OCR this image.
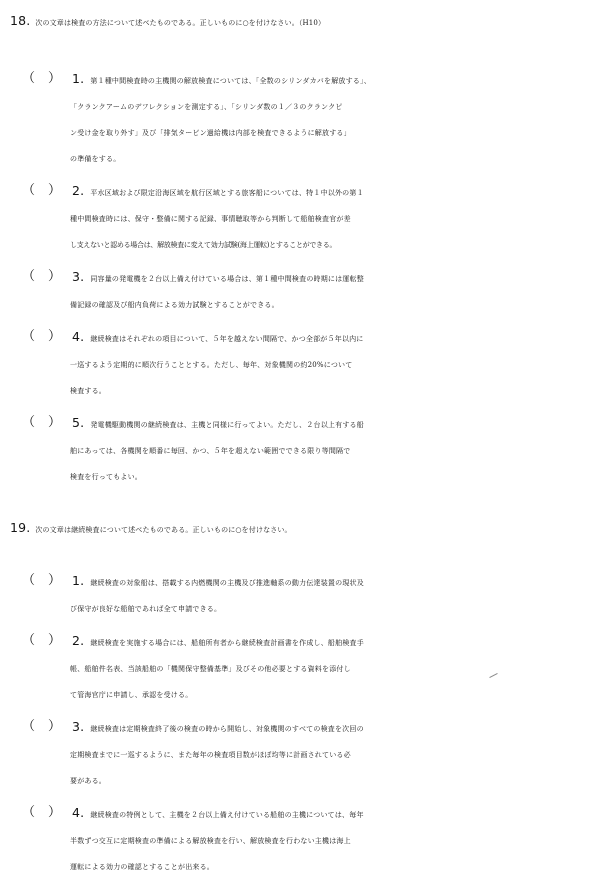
18. 次の文章は検査の方法について述べたものである。正しいものに○を付けなさい。（H10）
（　） 1. 第１種中間検査時の主機関の解放検査については、「全数のシリンダカバを解放する」、
「クランクアームのデフレクションを測定する」、「シリンダ数の１／３のクランクピ
ン受け金を取り外す」及び「排気タービン過給機は内部を検査できるように解放する」
の準備をする。
（　） 2. 平水区域および限定沿海区域を航行区域とする旅客船については、特１中以外の第１
種中間検査時には、保守・整備に関する記録、事情聴取等から判断して船舶検査官が差
し支えないと認める場合は、解放検査に変えて効力試験(海上運転)とすることができる。
（　） 3. 同容量の発電機を２台以上備え付けている場合は、第１種中間検査の時期には運転整
備記録の確認及び船内負荷による効力試験とすることができる。
（　） 4. 継続検査はそれぞれの項目について、５年を越えない間隔で、かつ全部が５年以内に
一巡するよう定期的に順次行うこととする。ただし、毎年、対象機関の約20%について
検査する。
（　） 5. 発電機駆動機関の継続検査は、主機と同様に行ってよい。ただし、２台以上有する船
舶にあっては、各機関を順番に毎回、かつ、５年を超えない範囲でできる限り等間隔で
検査を行ってもよい。
19. 次の文章は継続検査について述べたものである。正しいものに○を付けなさい。
（　） 1. 継続検査の対象船は、搭載する内燃機関の主機及び推進軸系の動力伝達装置の現状及
び保守が良好な船舶であれば全て申請できる。
（　） 2. 継続検査を実施する場合には、船舶所有者から継続検査計画書を作成し、船舶検査手
帳、船舶件名表、当該船舶の「機関保守整備基準」及びその他必要とする資料を添付し
て管海官庁に申請し、承認を受ける。
（　） 3. 継続検査は定期検査終了後の検査の時から開始し、対象機関のすべての検査を次回の
定期検査までに一巡するように、また毎年の検査項目数がほぼ均等に計画されている必
要がある。
（　） 4. 継続検査の特例として、主機を２台以上備え付けている船舶の主機については、毎年
半数ずつ交互に定期検査の準備による解放検査を行い、解放検査を行わない主機は海上
運転による効力の確認とすることが出来る。
